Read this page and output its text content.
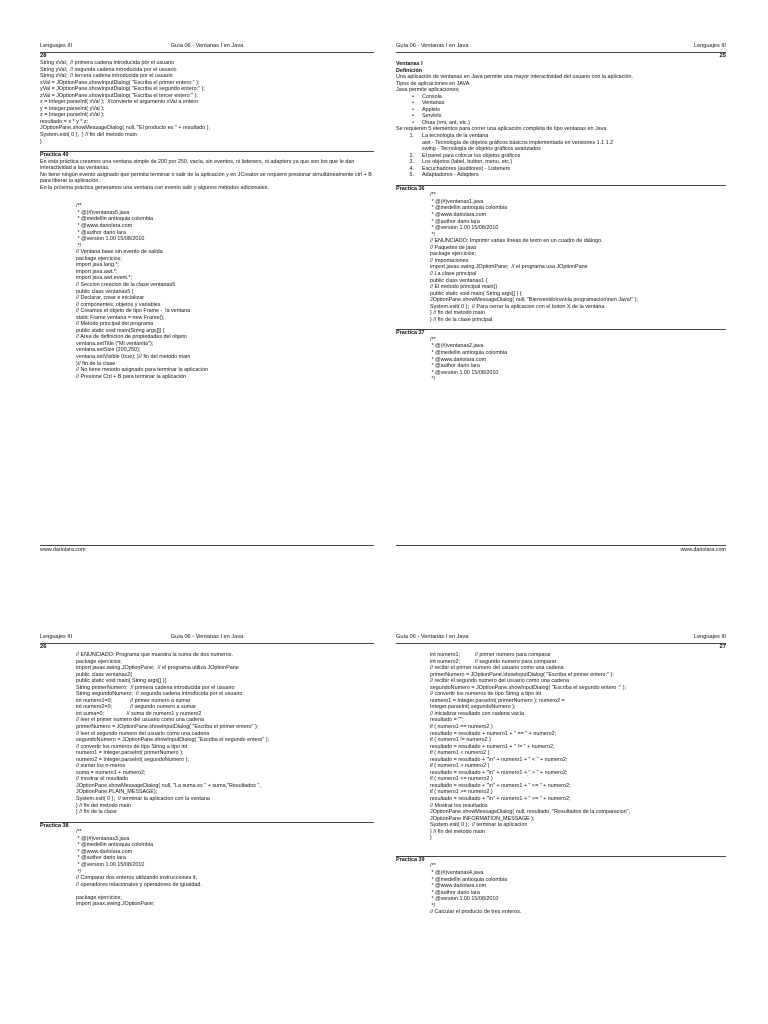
Lenguajes III	Guía 06 - Ventanas I en Java
28
String xVal;  // primera cadena introducida por el usuario
String yVal;  // segunda cadena introducida por el usuario
String zVal;  // tercera cadena introducida por el usuario
xVal = JOptionPane.showInputDialog( "Escriba el primer entero:" );
yVal = JOptionPane.showInputDialog( "Escriba el segundo entero:" );
zVal = JOptionPane.showInputDialog( "Escriba el tercer entero:" );
x = Integer.parseInt( xVal );  //convierte el argumento xVal a entero
y = Integer.parseInt( yVal );
z = Integer.parseInt( zVal );
resultado = x * y * z;
JOptionPane.showMessageDialog( null, "El producto es " + resultado );
System.exit( 0 );  } // fin del metodo main
}
Practica 40
En esta práctica creamos una ventana simple de 200 por 250, vacía, sin eventos, ni listeners, ni adapters ya que son los que le dan interactividad a las ventanas.
No tiene ningún evento asignado que permita terminar o salir de la aplicación y en JCreator se requiere presionar simultáneamente ctrl + B para liberar la aplicación.
En la próxima práctica generamos una ventana con evento salir y algunos métodos adicionales.
/**
* @(#)ventanas5.java
* @medellin antioquia colombia
* @www.dariolara.com
* @author dario lara
* @version 1.00 15/08/2010
*/
// Ventana base sin evento de salida
package ejercicios;
import java.lang.*;
import java.awt.*;
import java.awt.event.*;
// Seccion creacion de la clase ventanas5
public class ventanas5 {
// Declarar, crear e inicializar
// componentes, objetos y variables
// Creamos el objeto de tipo Frame -  la ventana
static Frame ventana = new Frame();
// Metodo principal del programa
public static void main(String args[]) {
// Area de definicion de propiedades del objeto
ventana.setTitle ("Mi ventanita");
ventana.setSize (200,250);
ventana.setVisible (true); }// fin del metodo main
}// fin de la clase
// No tiene metodo asignado para terminar la aplicacion
// Presione Ctrl + B para terminar la aplicación
www.dariolara.com
Guía 06 - Ventanas I en Java	Lenguajes III
25
Ventanas I
Definición
Una aplicación de ventanas en Java permite una mayor interactividad del usuario con la aplicación.
Tipos de aplicaciones en JAVA
Java permite aplicaciones;
• Consola
• Ventanas
• Applets
• Servlets
• Otras (rmi, ant, etc.)
Se requieren 5 elementos para correr una aplicación completa de tipo ventanas en Java
1. La tecnología de la ventana
awt - Tecnología de objetos gráficos básicos implementada en versiones 1.1 1.2
swing - Tecnología de objetos gráficos avanzados
2. El panel para colocar los objetos gráficos
3. Los objetos (label, button, menu, etc.)
4. Escuchadores (auditores) - Listeners
5. Adaptadores - Adapters
Practica 36
/**
* @(#)ventanas1.java
* @medellin antioquia colombia
* @www.dariolara.com
* @author dario lara
* @version 1.00 15/08/2010
*/
// ENUNCIADO: Imprimir varias líneas de texto en un cuadro de diálogo.
// Paquetes de java
package ejercicios;
// Importaciones
import javax.swing.JOptionPane;  // el programa usa JOptionPane
// La clase principal
public class ventanas1 {
// El metodo principal main()
public static void main( String args[] ) {
JOptionPane.showMessageDialog( null, "Bienvenido\na\nla programacion\nen Java!" );
System.exit( 0 );  // Para cerrar la aplicacion con el boton X de la ventana
} // fin del metodo main
} // fin de la clase principal
Practica 37
/**
* @(#)ventanas2.java
* @medellin antioquia colombia
* @www.dariolara.com
* @author dario lara
* @version 1.00 15/08/2010
*/
www.dariolara.com
Lenguajes III	Guía 06 - Ventanas I en Java
26
// ENUNCIADO: Programa que muestra la suma de dos numeros.
package ejercicios;
import javax.swing.JOptionPane;  // el programa utiliza JOptionPane
public class ventanas2{
public static void main( String args[] ){
String primerNumero;  // primera cadena introducida por el usuario
String segundoNumero;  // segunda cadena introducida por el usuario
int numero1=0;            // primer numero a sumar
int numero2=0;            // segundo numero a sumar
int suma=0;               // suma de numero1 y numero2
// leer el primer numero del usuario como una cadena
primerNumero = JOptionPane.showInputDialog( "Escriba el primer entero" );
// leer el segundo numero del usuario como una cadena
segundoNumero = JOptionPane.showInputDialog( "Escriba el segundo entero" );
// convertir los numeros de tipo String a tipo int
numero1 = Integer.parseInt( primerNumero );
numero2 = Integer.parseInt( segundoNumero );
// sumar los n-meros
suma = numero1 + numero2;
// mostrar el resultado
JOptionPane.showMessageDialog( null, "La suma es " + suma,"Resultados ",
JOptionPane.PLAIN_MESSAGE);
System.exit( 0 );  // terminar la aplicacion con la ventana
} // fin del metodo main
} // fin de la clase
Practica 38
/**
* @(#)ventanas3.java
* @medellin antioquia colombia
* @www.dariolara.com
* @author dario lara
* @version 1.00 15/08/2010
*/
// Comparar dos enteros utilizando instrucciones if,
// operadores relacionales y operadores de igualdad.

package ejercicios;
import javax.swing.JOptionPane;
Guía 06 - Ventanas I en Java	Lenguajes III
27
int numero1;          // primer numero para comparar
int numero2;          // segundo numero para comparar
// recibir el primer numero del usuario como una cadena
primerNumero = JOptionPane.showInputDialog( "Escriba el primer entero:" );
// recibir el segundo numero del usuario como una cadena
segundoNumero = JOptionPane.showInputDialog( "Escriba el segundo entero :" );
// convertir los numeros de tipo String a tipo int
numero1 = Integer.parseInt( primerNumero ); numero2 =
Integer.parseInt( segundoNumero );
// inicializar resultado con cadena vacía
resultado = "";
if ( numero1 == numero2 )
resultado = resultado + numero1 + " == " + numero2;
if ( numero1 != numero2 )
resultado = resultado + numero1 + " != " + numero2;
if ( numero1 < numero2 )
resultado = resultado + "\n" + numero1 + " < " + numero2;
if ( numero1 > numero2 )
resultado = resultado + "\n" + numero1 + " > " + numero2;
if ( numero1 <= numero2 )
resultado = resultado + "\n" + numero1 + " <= " + numero2;
if ( numero1 >= numero2 )
resultado = resultado + "\n" + numero1 + " >= " + numero2;
// Mostrar los resultados
JOptionPane.showMessageDialog( null, resultado, "Resultados de la comparacion",
JOptionPane.INFORMATION_MESSAGE );
System.exit( 0 );  // terminar la aplicacion
} // fin del metodo main
}
Practica 39
/**
* @(#)ventanas4.java
* @medellin antioquia colombia
* @www.dariolara.com
* @author dario lara
* @version 1.00 15/08/2010
*/
// Calcular el producto de tres enteros.
